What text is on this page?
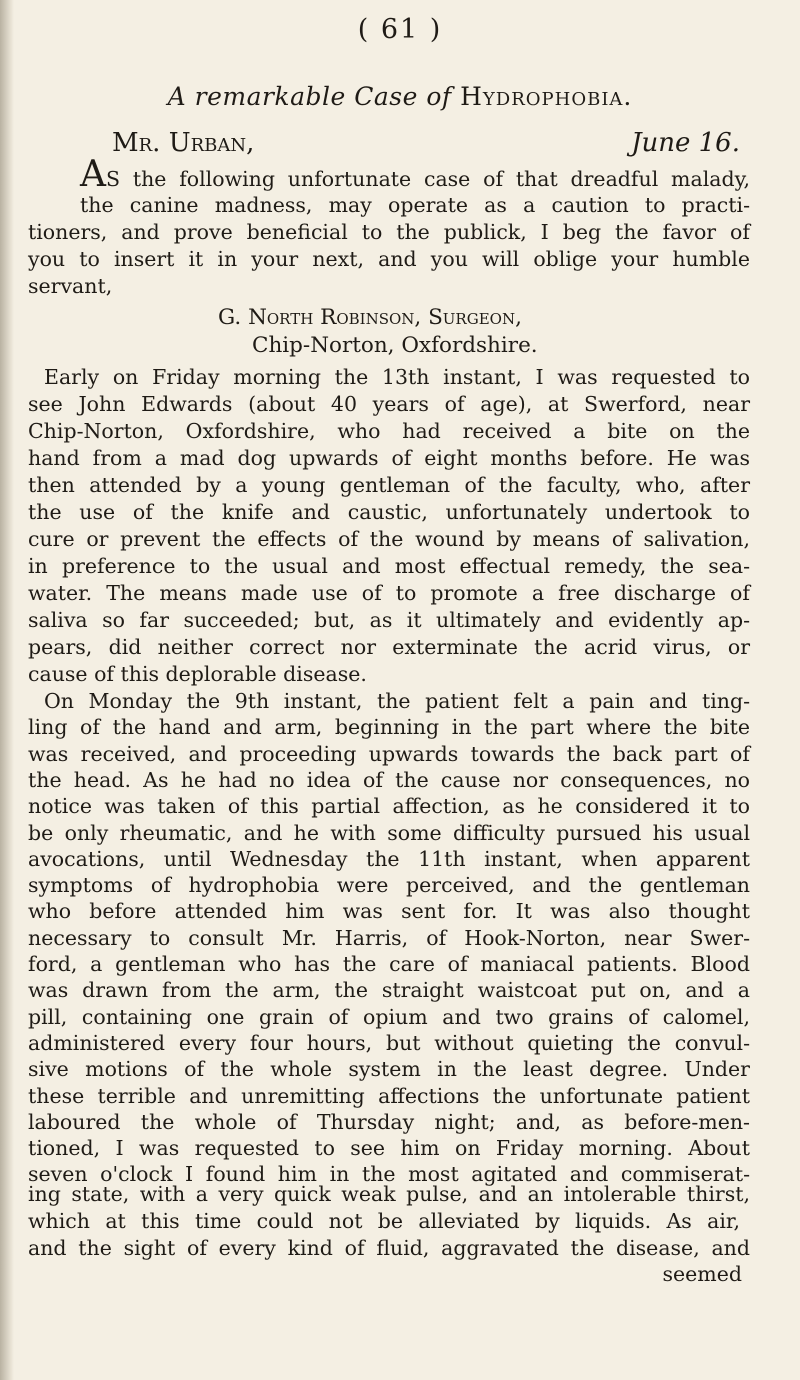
( 61 )
A remarkable Case of Hydrophobia.
Mr. Urban,	June 16.
AS the following unfortunate case of that dreadful malady,
the canine madness, may operate as a caution to practi-
tioners, and prove beneficial to the publick, I beg the favor of
you to insert it in your next, and you will oblige your humble
servant,
G. North Robinson, Surgeon,
Chip-Norton, Oxfordshire.
Early on Friday morning the 13th instant, I was requested to
see John Edwards (about 40 years of age), at Swerford, near
Chip-Norton, Oxfordshire, who had received a bite on the
hand from a mad dog upwards of eight months before. He was
then attended by a young gentleman of the faculty, who, after
the use of the knife and caustic, unfortunately undertook to
cure or prevent the effects of the wound by means of salivation,
in preference to the usual and most effectual remedy, the sea-
water. The means made use of to promote a free discharge of
saliva so far succeeded; but, as it ultimately and evidently ap-
pears, did neither correct nor exterminate the acrid virus, or
cause of this deplorable disease.
On Monday the 9th instant, the patient felt a pain and ting-
ling of the hand and arm, beginning in the part where the bite
was received, and proceeding upwards towards the back part of
the head. As he had no idea of the cause nor consequences, no
notice was taken of this partial affection, as he considered it to
be only rheumatic, and he with some difficulty pursued his usual
avocations, until Wednesday the 11th instant, when apparent
symptoms of hydrophobia were perceived, and the gentleman
who before attended him was sent for. It was also thought
necessary to consult Mr. Harris, of Hook-Norton, near Swer-
ford, a gentleman who has the care of maniacal patients. Blood
was drawn from the arm, the straight waistcoat put on, and a
pill, containing one grain of opium and two grains of calomel,
administered every four hours, but without quieting the convul-
sive motions of the whole system in the least degree. Under
these terrible and unremitting affections the unfortunate patient
laboured the whole of Thursday night; and, as before-men-
tioned, I was requested to see him on Friday morning. About
seven o'clock I found him in the most agitated and commiserat-
ing state, with a very quick weak pulse, and an intolerable thirst,
which at this time could not be alleviated by liquids. As air,
seemed
and the sight of every kind of fluid, aggravated the disease, and
